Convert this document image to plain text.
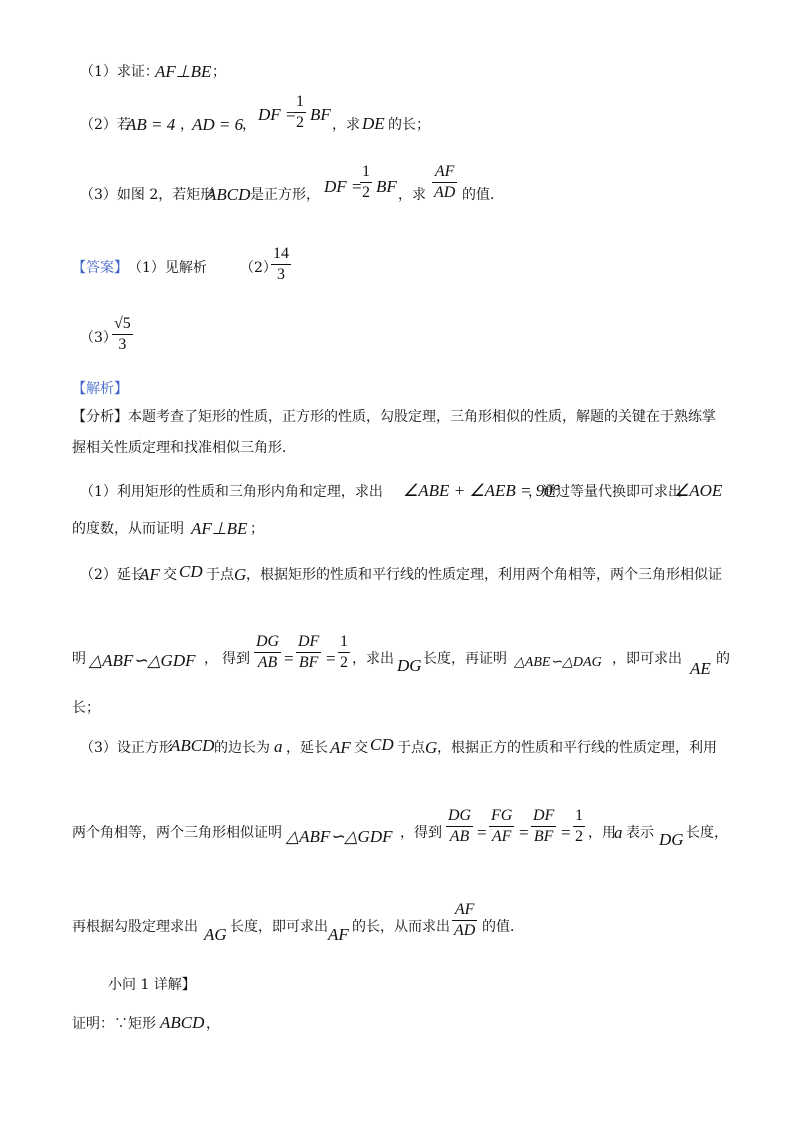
（1）求证：
AF⊥BE ；
（2）若
AB = 4 ，
AD = 6
，
DF =
1
2 BF
，求 DE 的长；
（3）如图 2，若矩形
ABCD 是正方形， DF =
1
2 BF ，求
AF
AD 的值．
【答案】 （1）见解析 （2）
14
3
（3）
√5
3
【解析】
【分析】本题考查了矩形的性质，正方形的性质，勾股定理，三角形相似的性质，解题的关键在于熟练掌
握相关性质定理和找准相似三角形．
（1）利用矩形的性质和三角形内角和定理，求出 ∠ABE + ∠AEB = 90°
，通过等量代换即可求出
∠AOE
的度数，从而证明 AF⊥BE ；
（2）延长
AF 交 CD 于点 G ，根据矩形的性质和平行线的性质定理，利用两个角相等，两个三角形相似证
明 △ABF∽△GDF ， 得到
DG
AB =
DF
BF =
1
2 ，求出 DG 长度，再证明 △ABE∽△DAG ，即可求出 AE 的
长；
（3）设正方形
ABCD 的边长为 a ，延长 AF 交 CD 于点 G ，根据正方的性质和平行线的性质定理，利用
两个角相等，两个三角形相似证明 △ABF∽△GDF ，得到
DG
AB =
FG
AF =
DF
BF =
1
2 ，用
a 表示 DG 长度，
再根据勾股定理求出 AG 长度，即可求出 AF 的长，从而求出
AF
AD 的值．
小问 1 详解】
证明：∵矩形 ABCD ，
